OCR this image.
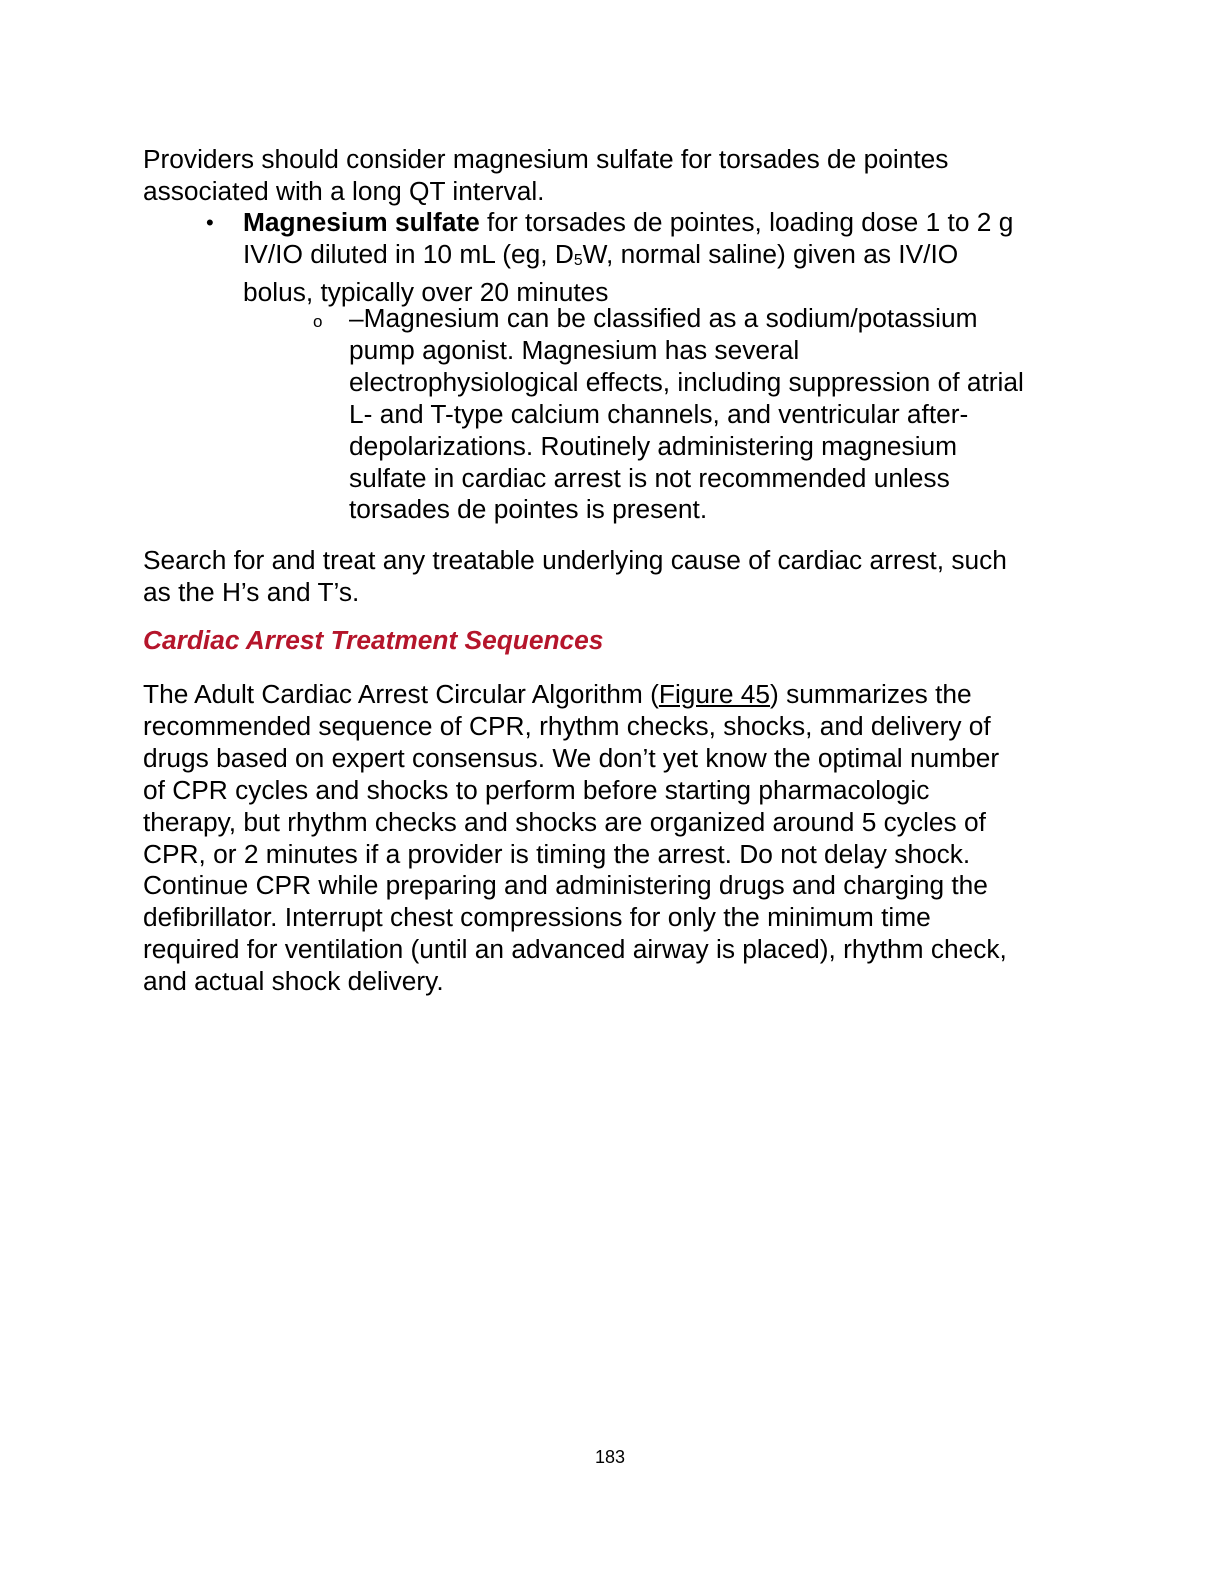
Providers should consider magnesium sulfate for torsades de pointes
associated with a long QT interval.
• Magnesium sulfate for torsades de pointes, loading dose 1 to 2 g
IV/IO diluted in 10 mL (eg, $D_5W$, normal saline) given as IV/IO
bolus, typically over 20 minutes
o –Magnesium can be classified as a sodium/potassium
pump agonist. Magnesium has several
electrophysiological effects, including suppression of atrial
L- and T-type calcium channels, and ventricular after-
depolarizations. Routinely administering magnesium
sulfate in cardiac arrest is not recommended unless
torsades de pointes is present.
Search for and treat any treatable underlying cause of cardiac arrest, such
as the H’s and T’s.
Cardiac Arrest Treatment Sequences
The Adult Cardiac Arrest Circular Algorithm (Figure 45) summarizes the
recommended sequence of CPR, rhythm checks, shocks, and delivery of
drugs based on expert consensus. We don’t yet know the optimal number
of CPR cycles and shocks to perform before starting pharmacologic
therapy, but rhythm checks and shocks are organized around 5 cycles of
CPR, or 2 minutes if a provider is timing the arrest. Do not delay shock.
Continue CPR while preparing and administering drugs and charging the
defibrillator. Interrupt chest compressions for only the minimum time
required for ventilation (until an advanced airway is placed), rhythm check,
and actual shock delivery.
183
